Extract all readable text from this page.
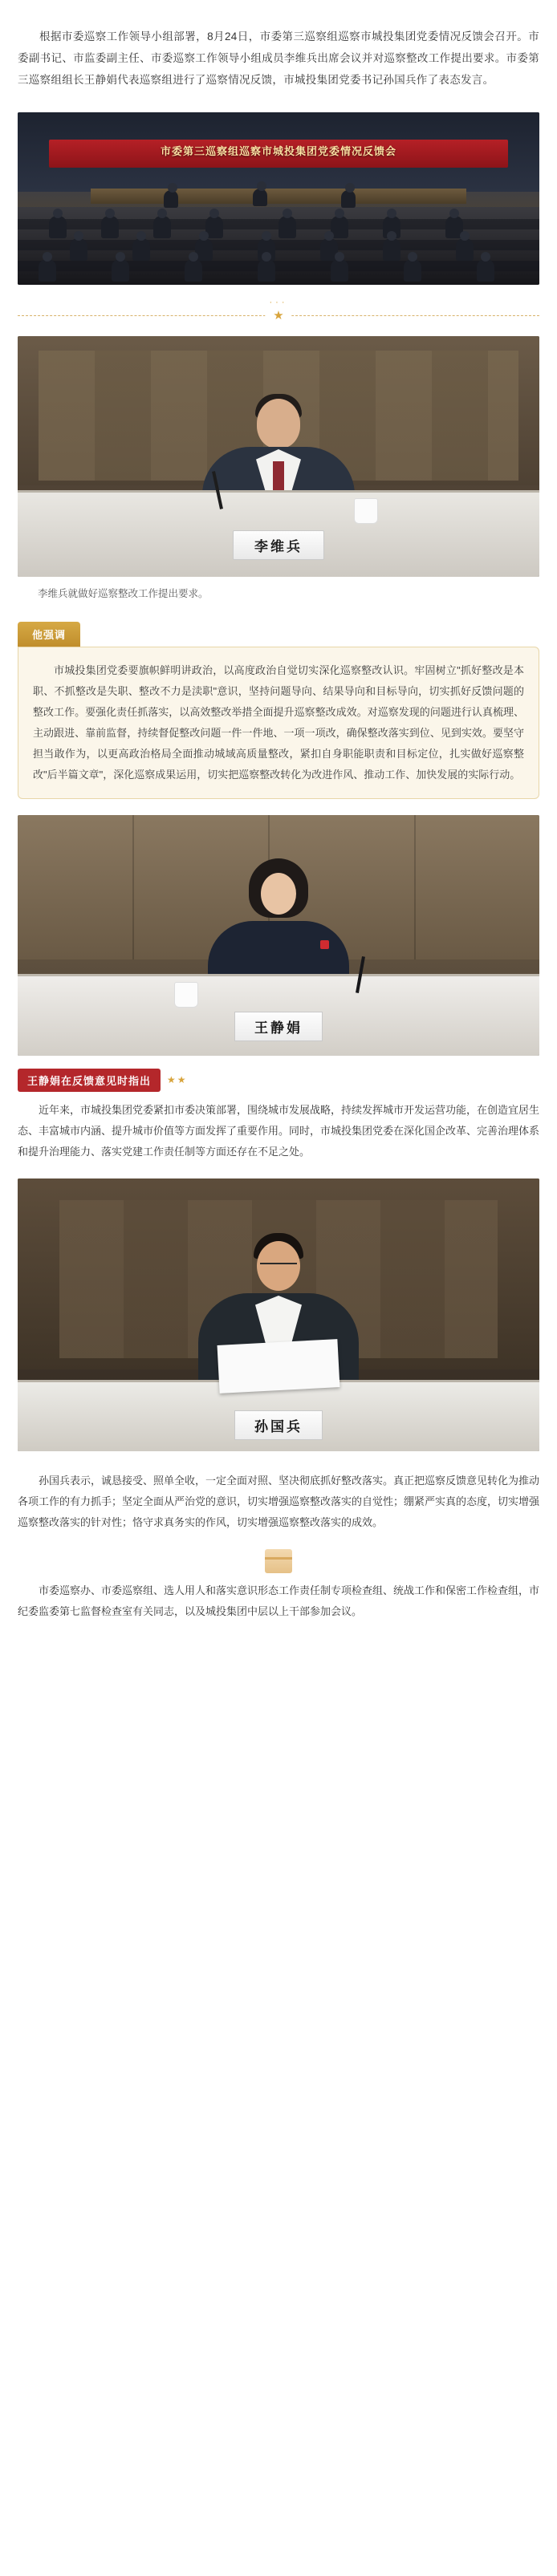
根据市委巡察工作领导小组部署，8月24日，市委第三巡察组巡察市城投集团党委情况反馈会召开。市委副书记、市监委副主任、市委巡察工作领导小组成员李维兵出席会议并对巡察整改工作提出要求。市委第三巡察组组长王静娟代表巡察组进行了巡察情况反馈，市城投集团党委书记孙国兵作了表态发言。

市委第三巡察组巡察市城投集团党委情况反馈会
···
★
李维兵

李维兵就做好巡察整改工作提出要求。

他强调
市城投集团党委要旗帜鲜明讲政治，以高度政治自觉切实深化巡察整改认识。牢固树立"抓好整改是本职、不抓整改是失职、整改不力是渎职"意识，坚持问题导向、结果导向和目标导向，切实抓好反馈问题的整改工作。要强化责任抓落实，以高效整改举措全面提升巡察整改成效。对巡察发现的问题进行认真梳理、主动跟进、靠前监督，持续督促整改问题一件一件地、一项一项改，确保整改落实到位、见到实效。要坚守担当敢作为，以更高政治格局全面推动城域高质量整改，紧扣自身职能职责和目标定位，扎实做好巡察整改"后半篇文章"，深化巡察成果运用，切实把巡察整改转化为改进作风、推动工作、加快发展的实际行动。
王静娟
王静娟在反馈意见时指出	★★

近年来，市城投集团党委紧扣市委决策部署，围绕城市发展战略，持续发挥城市开发运营功能，在创造宜居生态、丰富城市内涵、提升城市价值等方面发挥了重要作用。同时，市城投集团党委在深化国企改革、完善治理体系和提升治理能力、落实党建工作责任制等方面还存在不足之处。

孙国兵

孙国兵表示，诚恳接受、照单全收，一定全面对照、坚决彻底抓好整改落实。真正把巡察反馈意见转化为推动各项工作的有力抓手；坚定全面从严治党的意识，切实增强巡察整改落实的自觉性；绷紧严实真的态度，切实增强巡察整改落实的针对性；恪守求真务实的作风，切实增强巡察整改落实的成效。

市委巡察办、市委巡察组、选人用人和落实意识形态工作责任制专项检查组、统战工作和保密工作检查组，市纪委监委第七监督检查室有关同志，以及城投集团中层以上干部参加会议。
